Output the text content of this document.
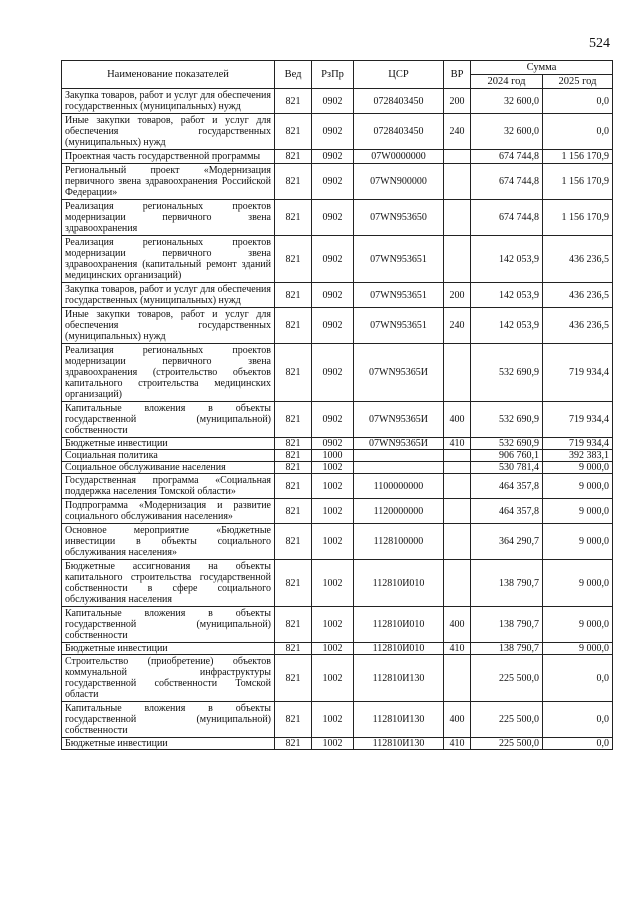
524
Наименование показателей	Вед	РзПр	ЦСР	ВР	Сумма	
					2024 год	2025 год
Закупка товаров, работ и услуг для обеспечения государственных (муниципальных) нужд	821	0902	0728403450	200	32 600,0	0,0
Иные закупки товаров, работ и услуг для обеспечения государственных (муниципальных) нужд	821	0902	0728403450	240	32 600,0	0,0
Проектная часть государственной программы	821	0902	07W0000000		674 744,8	1 156 170,9
Региональный проект «Модернизация первичного звена здравоохранения Российской Федерации»	821	0902	07WN900000		674 744,8	1 156 170,9
Реализация региональных проектов модернизации первичного звена здравоохранения	821	0902	07WN953650		674 744,8	1 156 170,9
Реализация региональных проектов модернизации первичного звена здравоохранения (капитальный ремонт зданий медицинских организаций)	821	0902	07WN953651		142 053,9	436 236,5
Закупка товаров, работ и услуг для обеспечения государственных (муниципальных) нужд	821	0902	07WN953651	200	142 053,9	436 236,5
Иные закупки товаров, работ и услуг для обеспечения государственных (муниципальных) нужд	821	0902	07WN953651	240	142 053,9	436 236,5
Реализация региональных проектов модернизации первичного звена здравоохранения (строительство объектов капитального строительства медицинских организаций)	821	0902	07WN95365И		532 690,9	719 934,4
Капитальные вложения в объекты государственной (муниципальной) собственности	821	0902	07WN95365И	400	532 690,9	719 934,4
Бюджетные инвестиции	821	0902	07WN95365И	410	532 690,9	719 934,4
Социальная политика	821	1000			906 760,1	392 383,1
Социальное обслуживание населения	821	1002			530 781,4	9 000,0
Государственная программа «Социальная поддержка населения Томской области»	821	1002	1100000000		464 357,8	9 000,0
Подпрограмма «Модернизация и развитие социального обслуживания населения»	821	1002	1120000000		464 357,8	9 000,0
Основное мероприятие «Бюджетные инвестиции в объекты социального обслуживания населения»	821	1002	1128100000		364 290,7	9 000,0
Бюджетные ассигнования на объекты капитального строительства государственной собственности в сфере социального обслуживания населения	821	1002	112810И010		138 790,7	9 000,0
Капитальные вложения в объекты государственной (муниципальной) собственности	821	1002	112810И010	400	138 790,7	9 000,0
Бюджетные инвестиции	821	1002	112810И010	410	138 790,7	9 000,0
Строительство (приобретение) объектов коммунальной инфраструктуры государственной собственности Томской области	821	1002	112810И130		225 500,0	0,0
Капитальные вложения в объекты государственной (муниципальной) собственности	821	1002	112810И130	400	225 500,0	0,0
Бюджетные инвестиции	821	1002	112810И130	410	225 500,0	0,0
